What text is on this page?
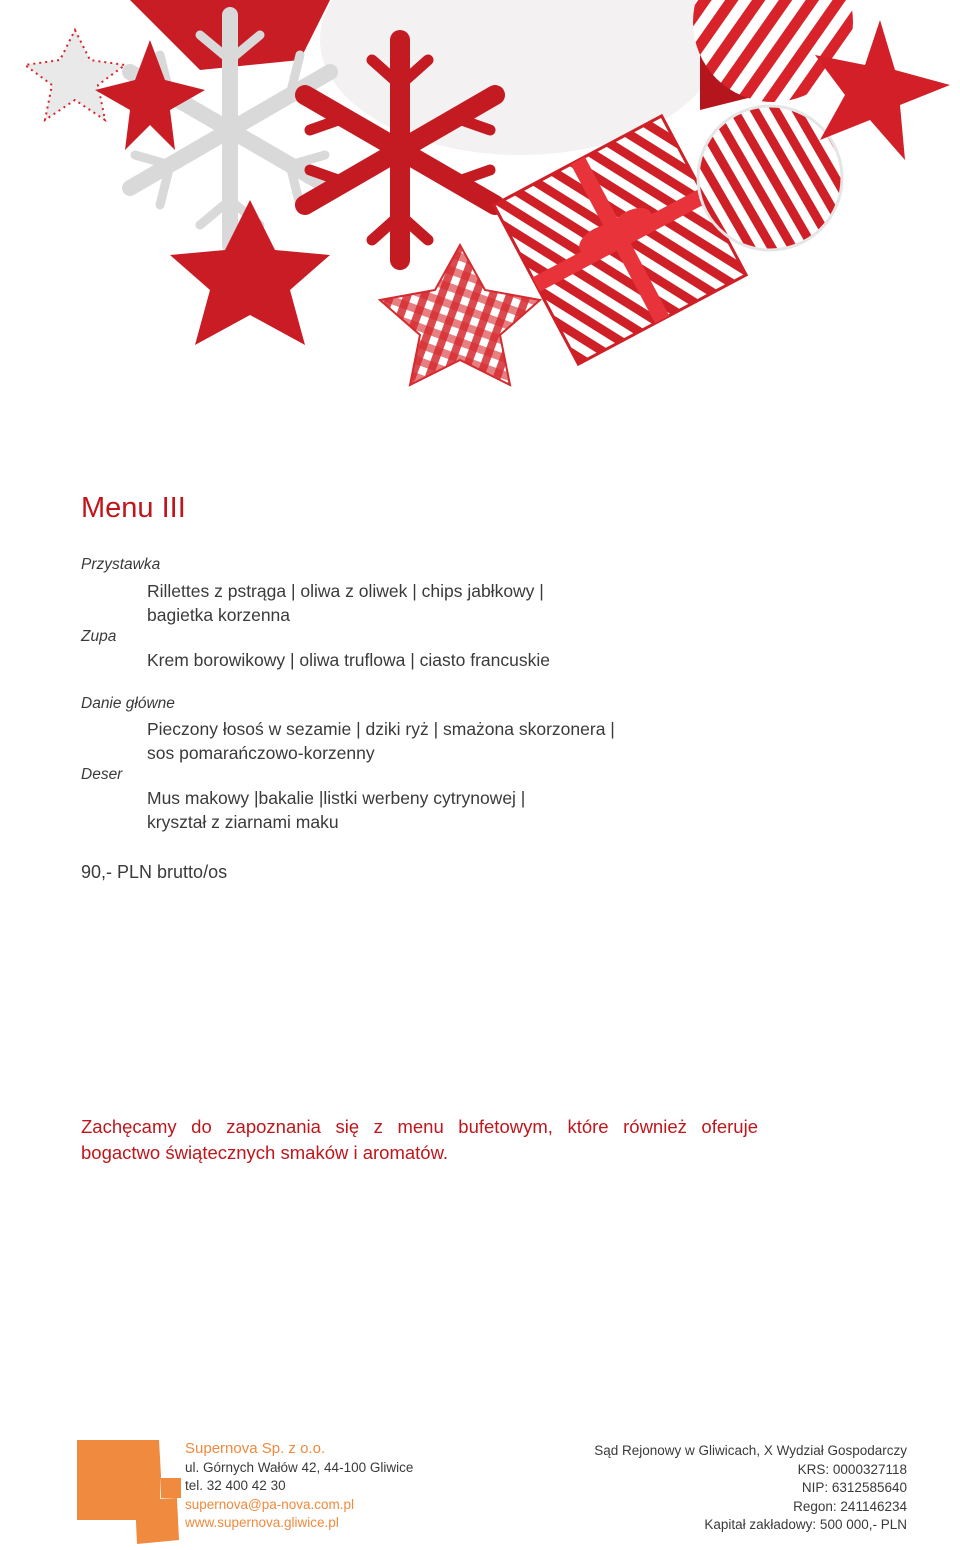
Menu III
Przystawka
Rillettes z pstrąga | oliwa z oliwek | chips jabłkowy |
bagietka korzenna
Zupa
Krem borowikowy | oliwa truflowa | ciasto francuskie
Danie główne
Pieczony łosoś w sezamie | dziki ryż | smażona skorzonera |
sos pomarańczowo-korzenny
Deser
Mus makowy |bakalie |listki werbeny cytrynowej |
kryształ z ziarnami maku
90,- PLN brutto/os
Zachęcamy do zapoznania się z menu bufetowym, które również oferuje
bogactwo świątecznych smaków i aromatów.
Supernova Sp. z o.o.
ul. Górnych Wałów 42, 44-100 Gliwice
tel. 32 400 42 30
supernova@pa-nova.com.pl
www.supernova.gliwice.pl
Sąd Rejonowy w Gliwicach, X Wydział Gospodarczy
KRS: 0000327118
NIP: 6312585640
Regon: 241146234
Kapitał zakładowy: 500 000,- PLN
